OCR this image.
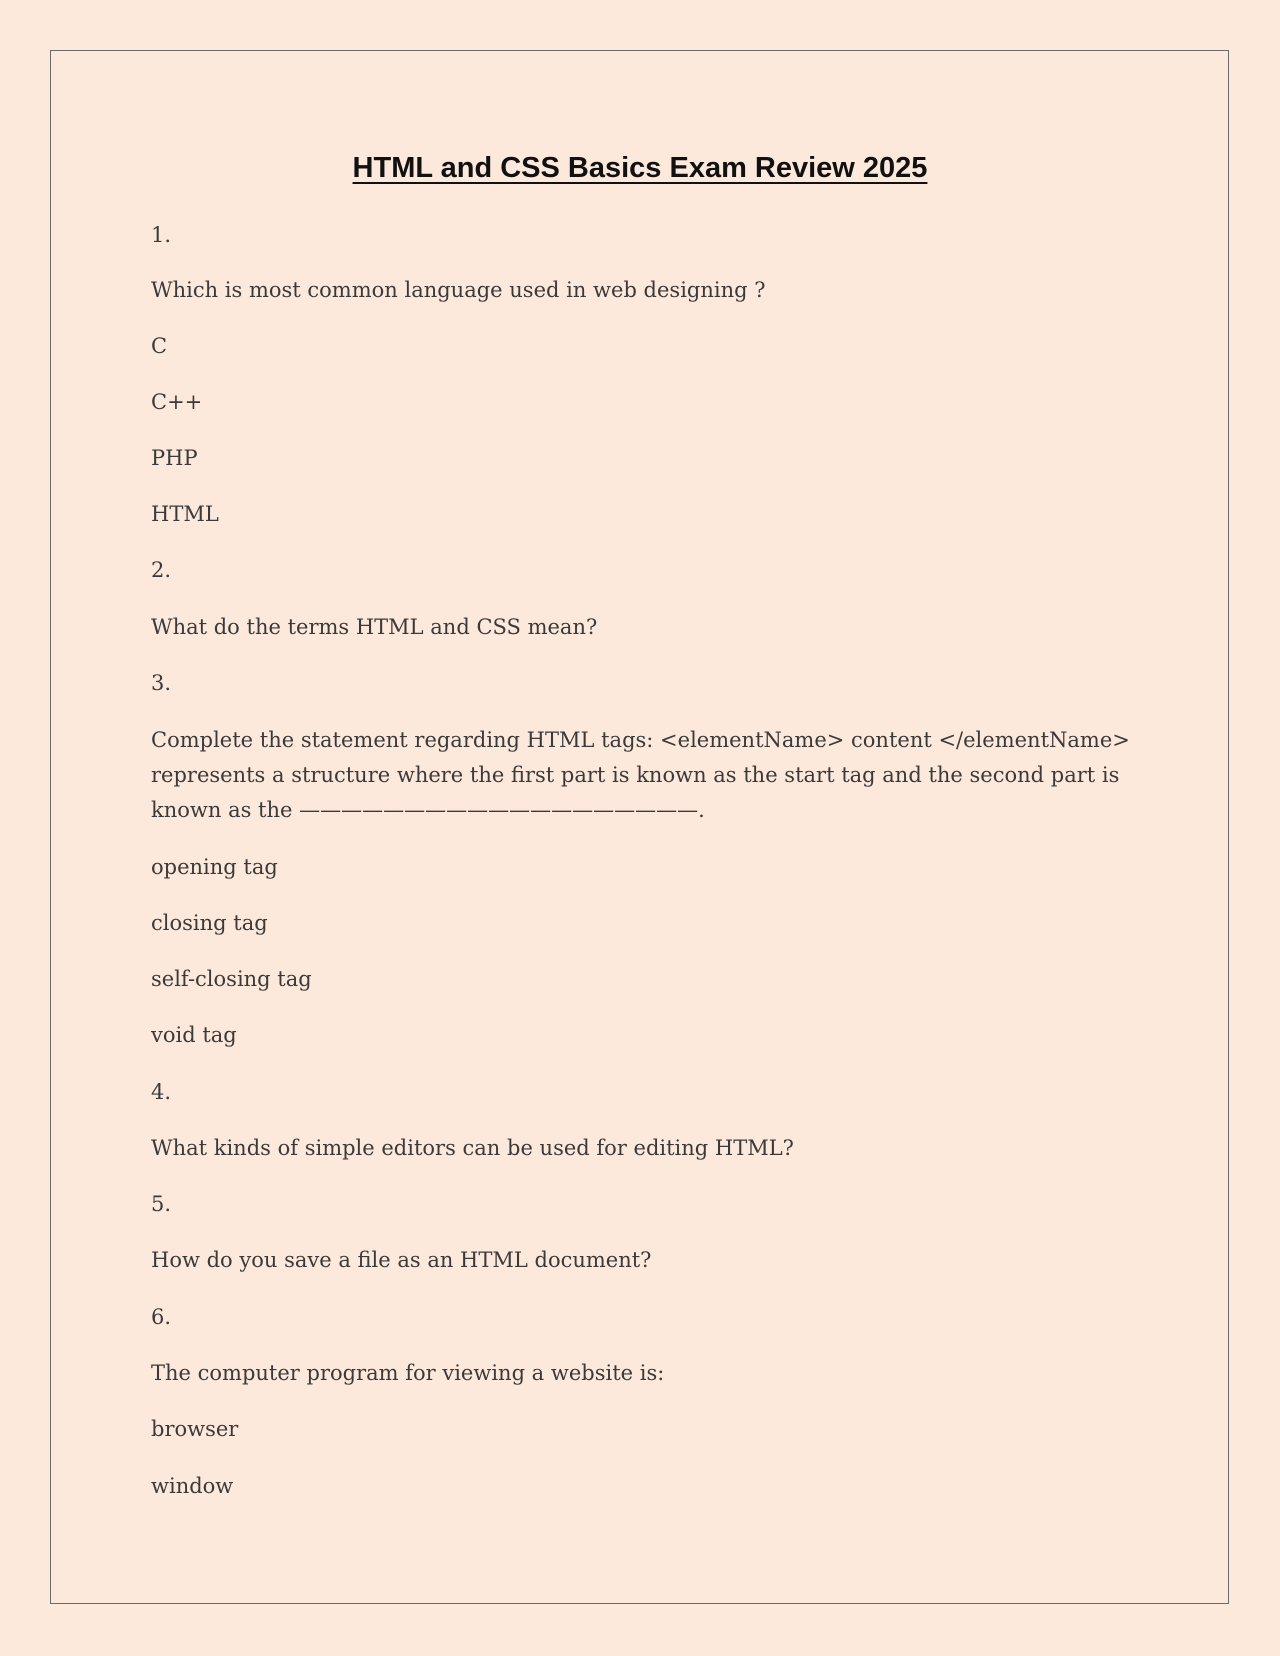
HTML and CSS Basics Exam Review 2025

1.

Which is most common language used in web designing ?

C

C++

PHP

HTML

2.

What do the terms HTML and CSS mean?

3.

Complete the statement regarding HTML tags: <elementName> content </elementName> represents a structure where the first part is known as the start tag and the second part is known as the ———————————————————.

opening tag

closing tag

self-closing tag

void tag

4.

What kinds of simple editors can be used for editing HTML?

5.

How do you save a file as an HTML document?

6.

The computer program for viewing a website is:

browser

window
